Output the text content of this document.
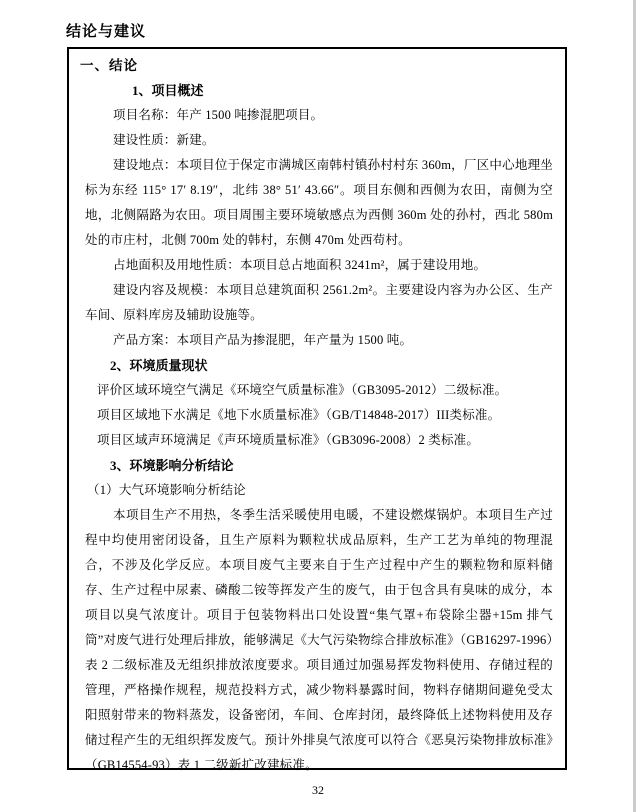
结论与建议
一、结论

1、项目概述

项目名称：年产 1500 吨掺混肥项目。

建设性质：新建。

建设地点：本项目位于保定市满城区南韩村镇孙村村东 360m，厂区中心地理坐标为东经 115° 17′ 8.19″，北纬 38° 51′ 43.66″。项目东侧和西侧为农田，南侧为空地，北侧隔路为农田。项目周围主要环境敏感点为西侧 360m 处的孙村，西北 580m 处的市庄村，北侧 700m 处的韩村，东侧 470m 处西苟村。

占地面积及用地性质：本项目总占地面积 3241m²，属于建设用地。

建设内容及规模：本项目总建筑面积 2561.2m²。主要建设内容为办公区、生产车间、原料库房及辅助设施等。

产品方案：本项目产品为掺混肥，年产量为 1500 吨。

2、环境质量现状

评价区域环境空气满足《环境空气质量标准》（GB3095-2012）二级标准。

项目区域地下水满足《地下水质量标准》（GB/T14848-2017）III类标准。

项目区域声环境满足《声环境质量标准》（GB3096-2008）2 类标准。

3、环境影响分析结论

（1）大气环境影响分析结论

本项目生产不用热，冬季生活采暖使用电暖，不建设燃煤锅炉。本项目生产过程中均使用密闭设备，且生产原料为颗粒状成品原料，生产工艺为单纯的物理混合，不涉及化学反应。本项目废气主要来自于生产过程中产生的颗粒物和原料储存、生产过程中尿素、磷酸二铵等挥发产生的废气，由于包含具有臭味的成分，本项目以臭气浓度计。项目于包装物料出口处设置“集气罩+布袋除尘器+15m 排气筒”对废气进行处理后排放，能够满足《大气污染物综合排放标准》（GB16297-1996）表 2 二级标准及无组织排放浓度要求。项目通过加强易挥发物料使用、存储过程的管理，严格操作规程，规范投料方式，减少物料暴露时间，物料存储期间避免受太阳照射带来的物料蒸发，设备密闭，车间、仓库封闭，最终降低上述物料使用及存储过程产生的无组织挥发废气。预计外排臭气浓度可以符合《恶臭污染物排放标准》（GB14554-93）表 1 二级新扩改建标准。

32
